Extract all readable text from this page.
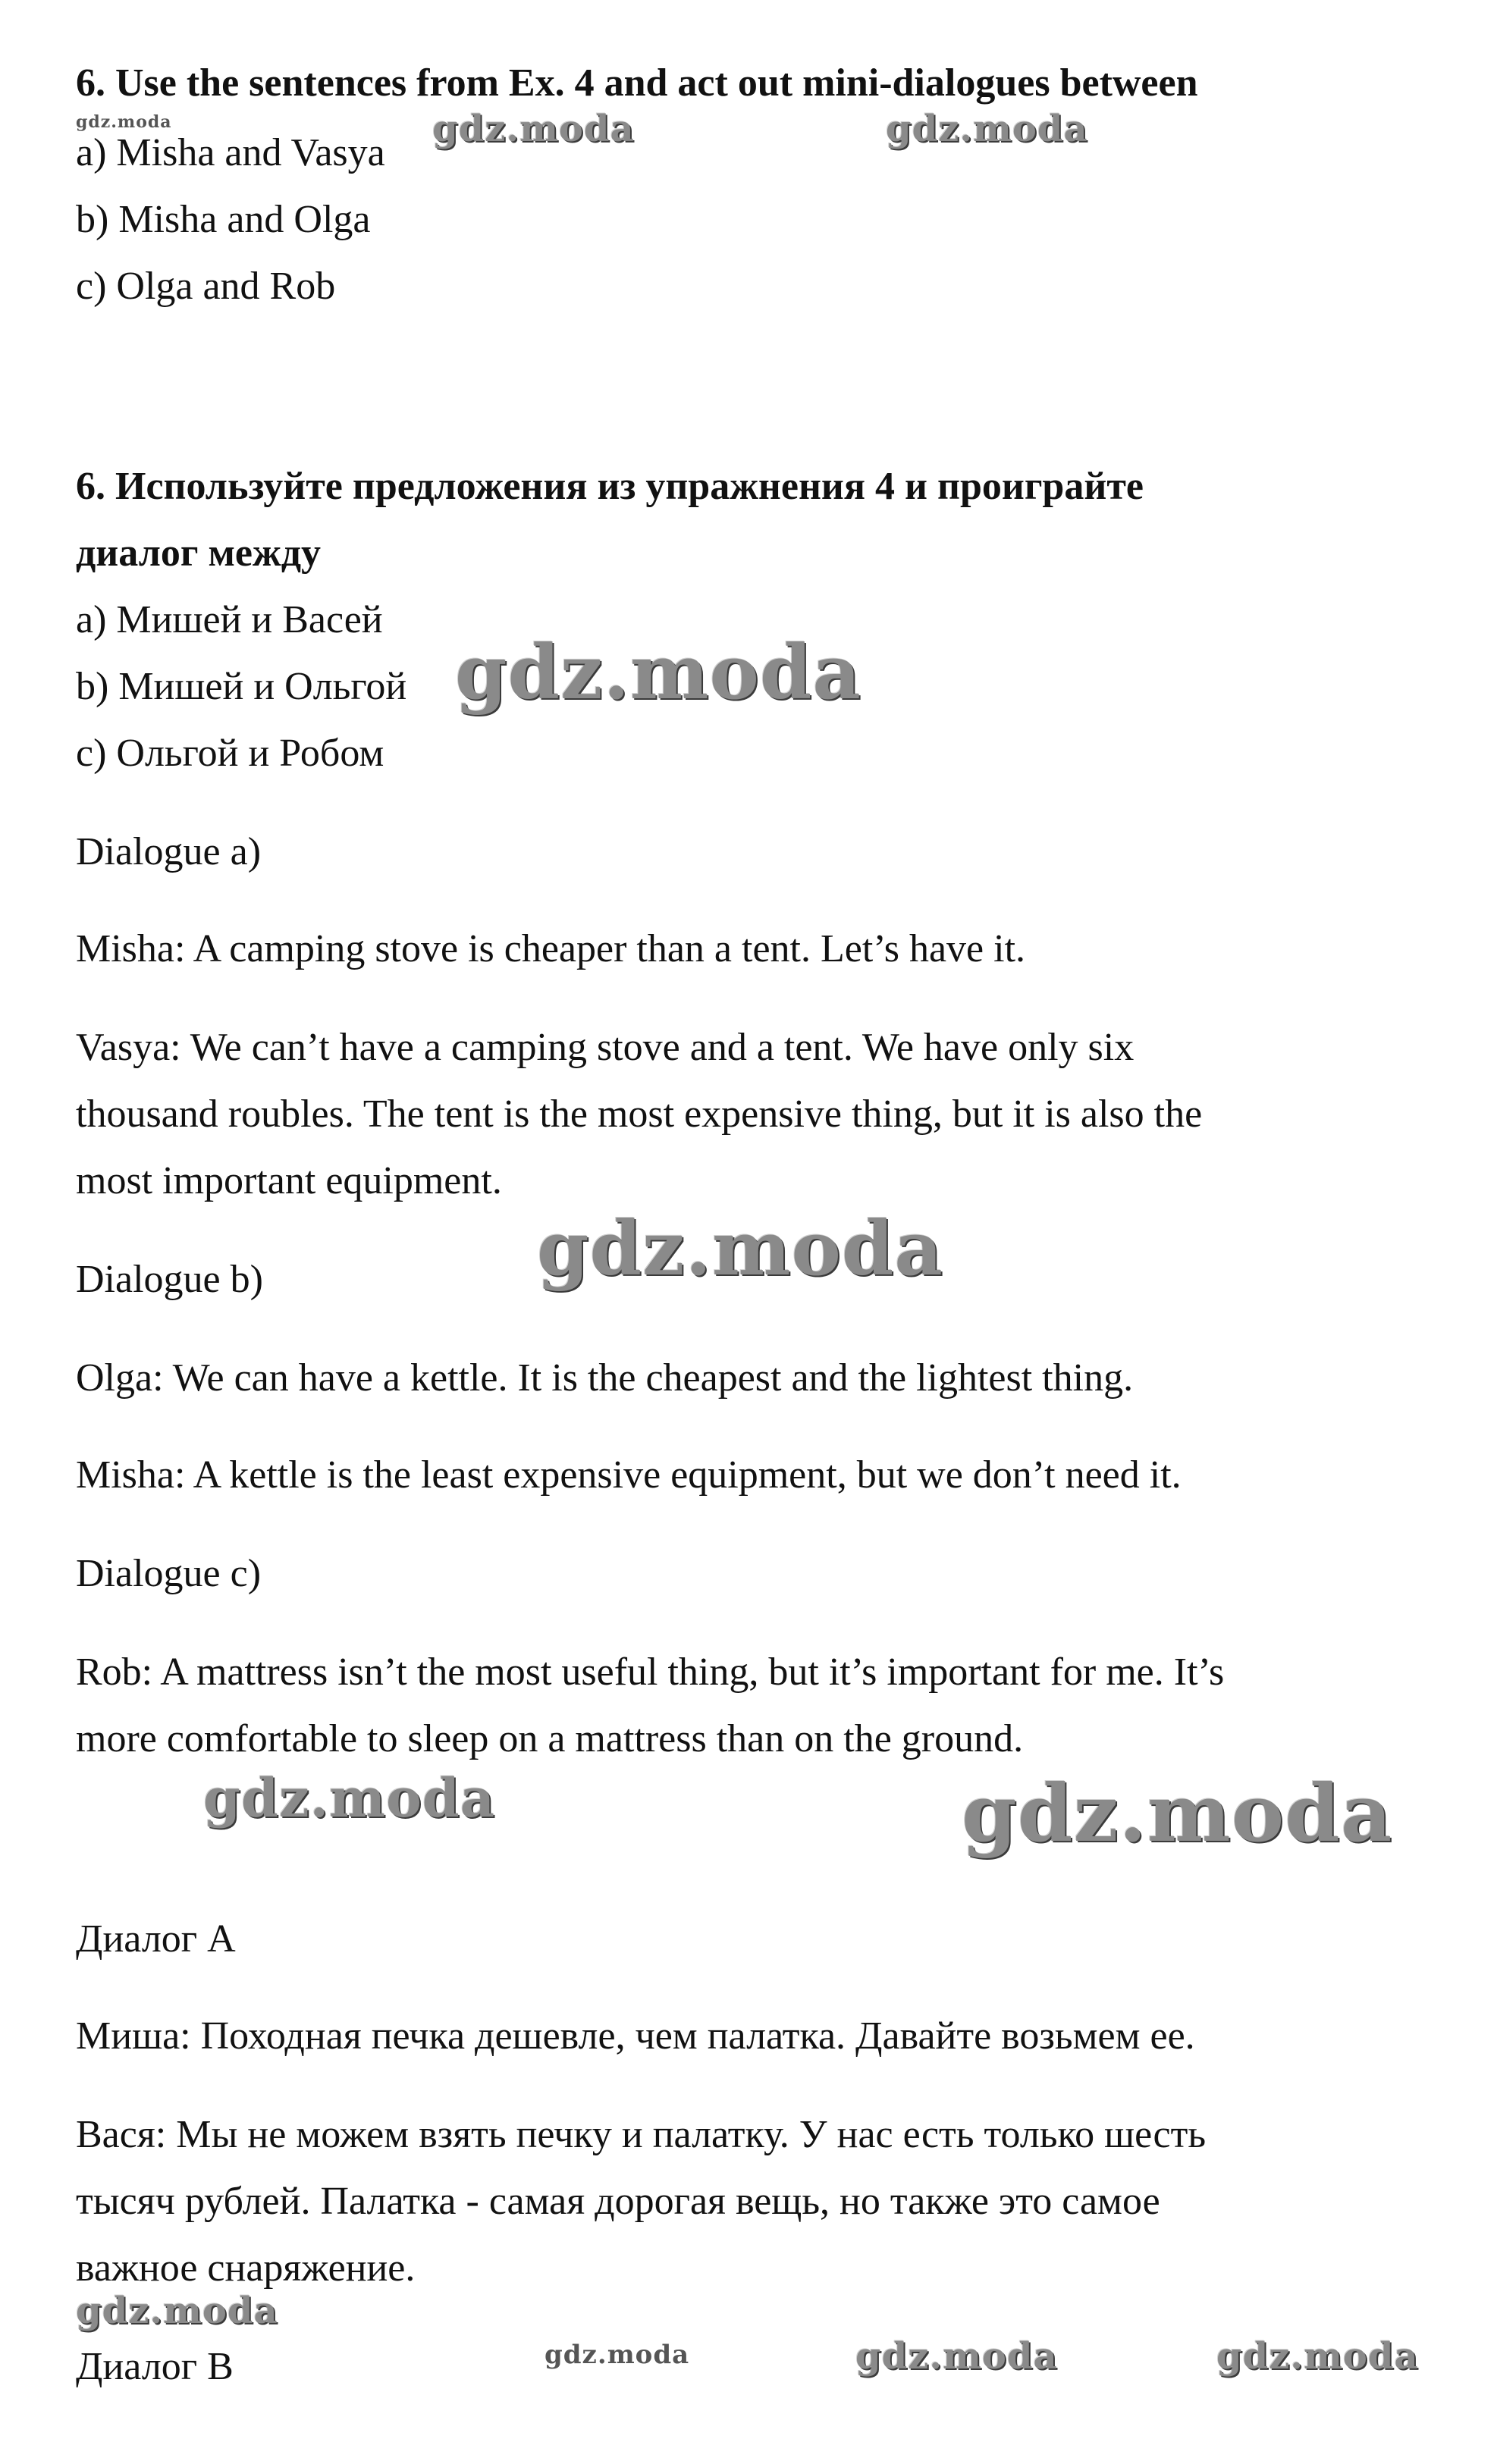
6. Use the sentences from Ex. 4 and act out mini-dialogues between
a) Misha and Vasya
b) Misha and Olga
c) Olga and Rob
6. Используйте предложения из упражнения 4 и проиграйте
диалог между
a) Мишей и Васей
b) Мишей и Ольгой
c) Ольгой и Робом
Dialogue a)
Misha: A camping stove is cheaper than a tent. Let’s have it.
Vasya: We can’t have a camping stove and a tent. We have only six
thousand roubles. The tent is the most expensive thing, but it is also the
most important equipment.
Dialogue b)
Olga: We can have a kettle. It is the cheapest and the lightest thing.
Misha: A kettle is the least expensive equipment, but we don’t need it.
Dialogue c)
Rob: A mattress isn’t the most useful thing, but it’s important for me. It’s
more comfortable to sleep on a mattress than on the ground.
Диалог А
Миша: Походная печка дешевле, чем палатка. Давайте возьмем ее.
Вася: Мы не можем взять печку и палатку. У нас есть только шесть
тысяч рублей. Палатка - самая дорогая вещь, но также это самое
важное снаряжение.
Диалог В
gdz.moda	gdz.moda	gdz.moda
gdz.moda
gdz.moda
gdz.moda	gdz.moda
gdz.moda
gdz.moda	gdz.moda	gdz.moda
